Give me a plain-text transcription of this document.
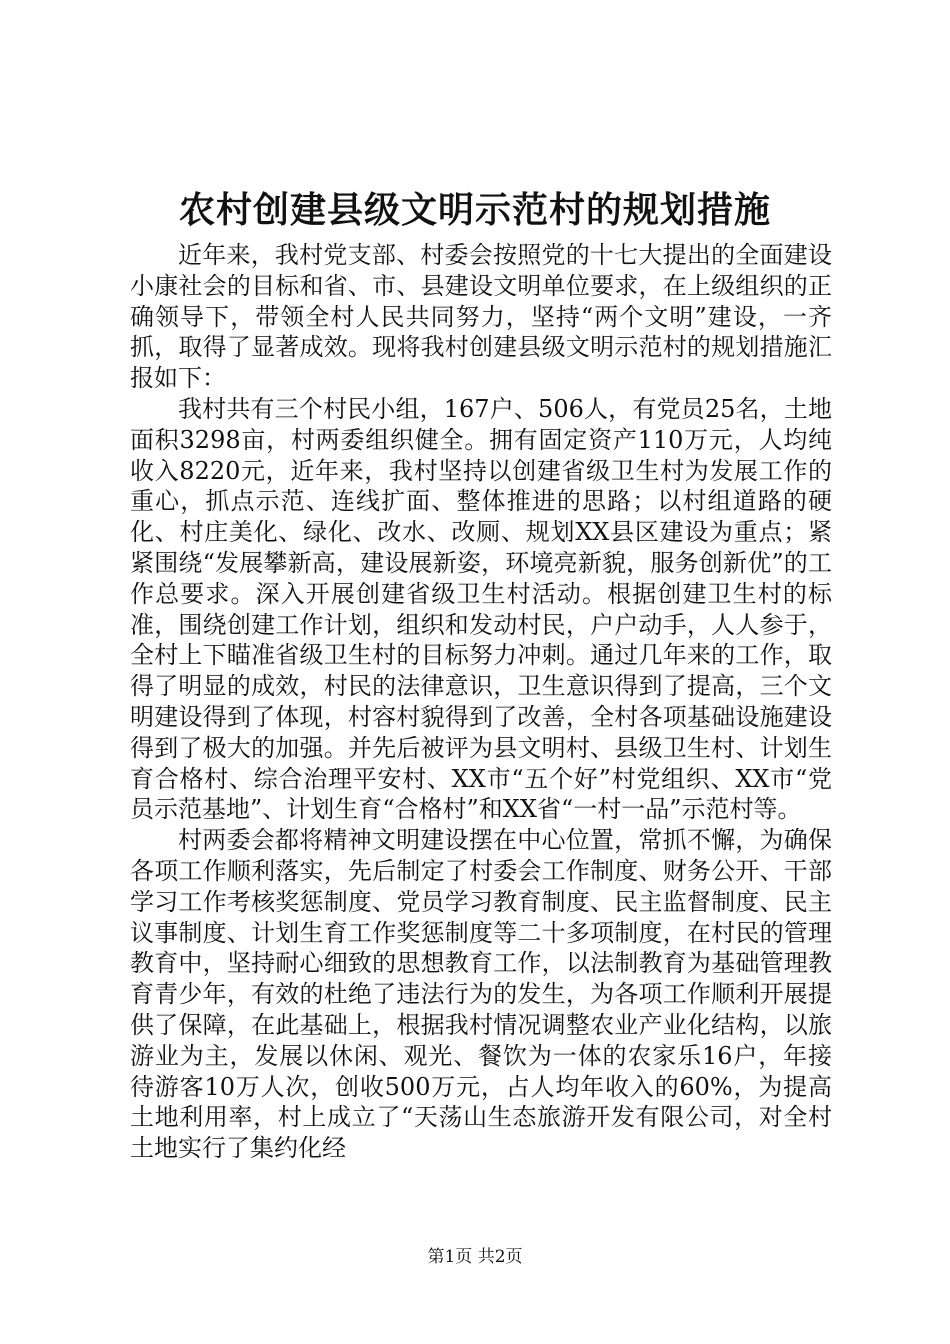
农村创建县级文明示范村的规划措施

近年来，我村党支部、村委会按照党的十七大提出的全面建设小康社会的目标和省、市、县建设文明单位要求，在上级组织的正确领导下，带领全村人民共同努力，坚持“两个文明”建设，一齐抓，取得了显著成效。现将我村创建县级文明示范村的规划措施汇报如下：

我村共有三个村民小组，167户、506人，有党员25名，土地面积3298亩，村两委组织健全。拥有固定资产110万元，人均纯收入8220元，近年来，我村坚持以创建省级卫生村为发展工作的重心，抓点示范、连线扩面、整体推进的思路；以村组道路的硬化、村庄美化、绿化、改水、改厕、规划XX县区建设为重点；紧紧围绕“发展攀新高，建设展新姿，环境亮新貌，服务创新优”的工作总要求。深入开展创建省级卫生村活动。根据创建卫生村的标准，围绕创建工作计划，组织和发动村民，户户动手，人人参于，全村上下瞄准省级卫生村的目标努力冲刺。通过几年来的工作，取得了明显的成效，村民的法律意识，卫生意识得到了提高，三个文明建设得到了体现，村容村貌得到了改善，全村各项基础设施建设得到了极大的加强。并先后被评为县文明村、县级卫生村、计划生育合格村、综合治理平安村、XX市“五个好”村党组织、XX市“党员示范基地”、计划生育“合格村”和XX省“一村一品”示范村等。

村两委会都将精神文明建设摆在中心位置，常抓不懈，为确保各项工作顺利落实，先后制定了村委会工作制度、财务公开、干部学习工作考核奖惩制度、党员学习教育制度、民主监督制度、民主议事制度、计划生育工作奖惩制度等二十多项制度，在村民的管理教育中，坚持耐心细致的思想教育工作，以法制教育为基础管理教育青少年，有效的杜绝了违法行为的发生，为各项工作顺利开展提供了保障，在此基础上，根据我村情况调整农业产业化结构，以旅游业为主，发展以休闲、观光、餐饮为一体的农家乐16户，年接待游客10万人次，创收500万元，占人均年收入的60%，为提高土地利用率，村上成立了“天荡山生态旅游开发有限公司，对全村土地实行了集约化经

第1页 共2页
